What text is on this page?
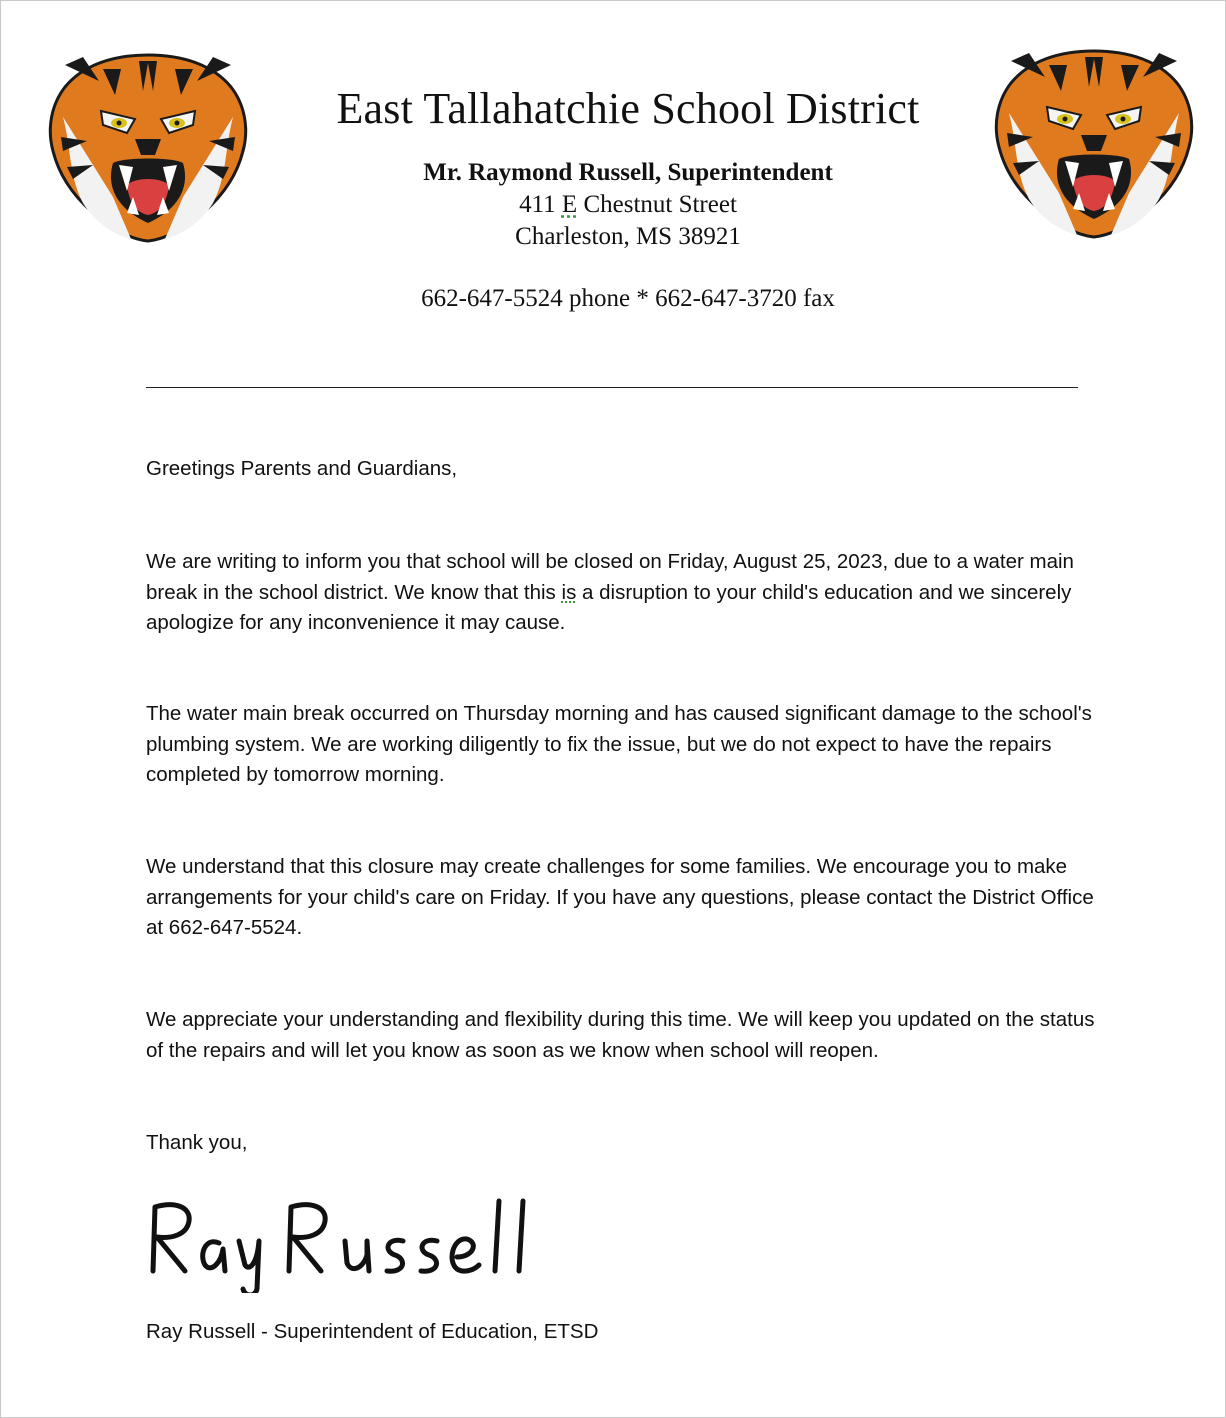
East Tallahatchie School District
Mr. Raymond Russell, Superintendent
411 E Chestnut Street
Charleston, MS 38921
662-647-5524 phone * 662-647-3720 fax
Greetings Parents and Guardians,
We are writing to inform you that school will be closed on Friday, August 25, 2023, due to a water main break in the school district. We know that this is a disruption to your child's education and we sincerely apologize for any inconvenience it may cause.
The water main break occurred on Thursday morning and has caused significant damage to the school's plumbing system. We are working diligently to fix the issue, but we do not expect to have the repairs completed by tomorrow morning.
We understand that this closure may create challenges for some families. We encourage you to make arrangements for your child's care on Friday. If you have any questions, please contact the District Office at 662-647-5524.
We appreciate your understanding and flexibility during this time. We will keep you updated on the status of the repairs and will let you know as soon as we know when school will reopen.
Thank you,
Ray Russell - Superintendent of Education, ETSD
